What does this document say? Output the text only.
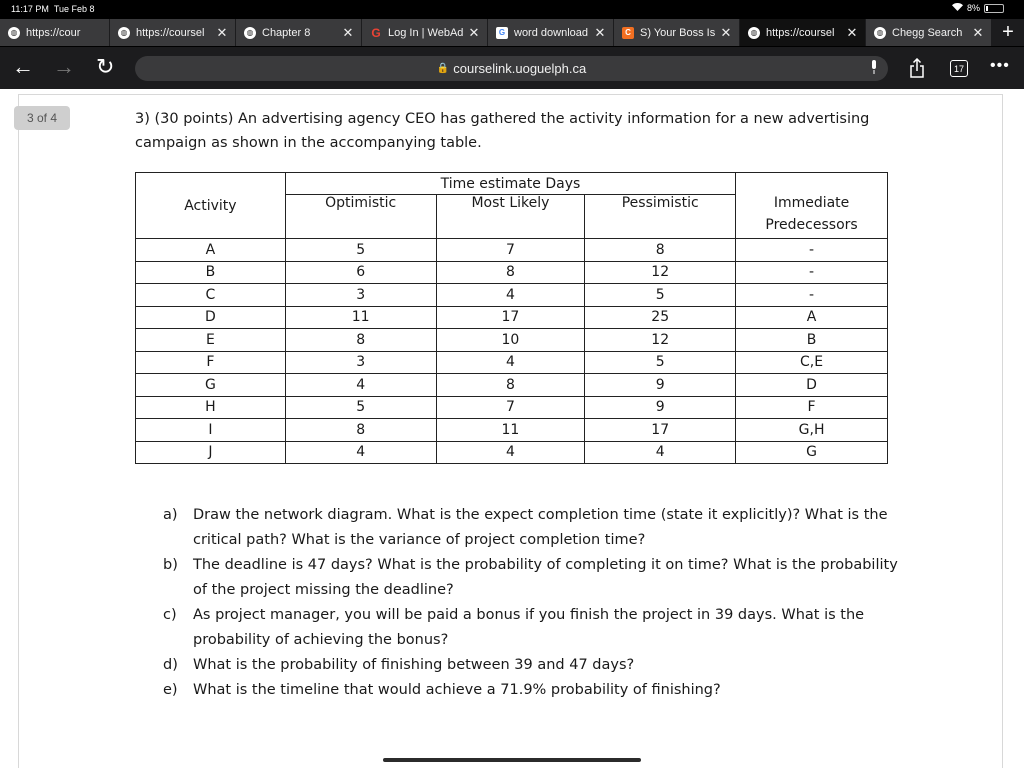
11:17 PM Tue Feb 8	8%
◍ https://cour	◍ https://coursel ✕	◍ Chapter 8	✕ G Log In | WebAd ✕	G word download ✕	C S) Your Boss Is ✕	◍ https://coursel ✕	◍ Chegg Search ✕ +
← → ↻	🔒 courselink.uoguelph.ca	17 •••
3 of 4	3) (30 points) An advertising agency CEO has gathered the activity information for a new advertising campaign as shown in the accompanying table.
Activity	Time estimate Days			Immediate Predecessors
	Optimistic	Most Likely	Pessimistic	
A	5	7	8	-
B	6	8	12	-
C	3	4	5	-
D	11	17	25	A
E	8	10	12	B
F	3	4	5	C,E
G	4	8	9	D
H	5	7	9	F
I	8	11	17	G,H
J	4	4	4	G
a)	Draw the network diagram. What is the expect completion time (state it explicitly)? What is the critical path? What is the variance of project completion time?
b)	The deadline is 47 days? What is the probability of completing it on time? What is the probability of the project missing the deadline?
c)	As project manager, you will be paid a bonus if you finish the project in 39 days. What is the probability of achieving the bonus?
d)	What is the probability of finishing between 39 and 47 days?
e)	What is the timeline that would achieve a 71.9% probability of finishing?
